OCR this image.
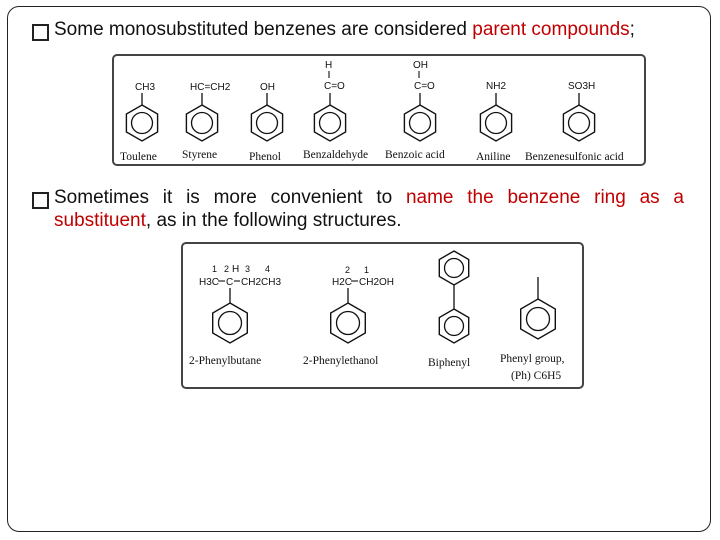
Some monosubstituted benzenes are considered parent compounds;
CH3
Toulene
HC=CH2
Styrene
OH
Phenol
H
C=O
Benzaldehyde
OH
C=O
Benzoic acid
NH2
Aniline
SO3H
Benzenesulfonic acid
Sometimes it is more convenient to name the benzene ring as a substituent, as in the following structures.
1 2 H 3 4
H3C C CH2CH3
2-Phenylbutane
2 1
H2C CH2OH
2-Phenylethanol	Biphenyl	Phenyl group,
(Ph) C6H5
